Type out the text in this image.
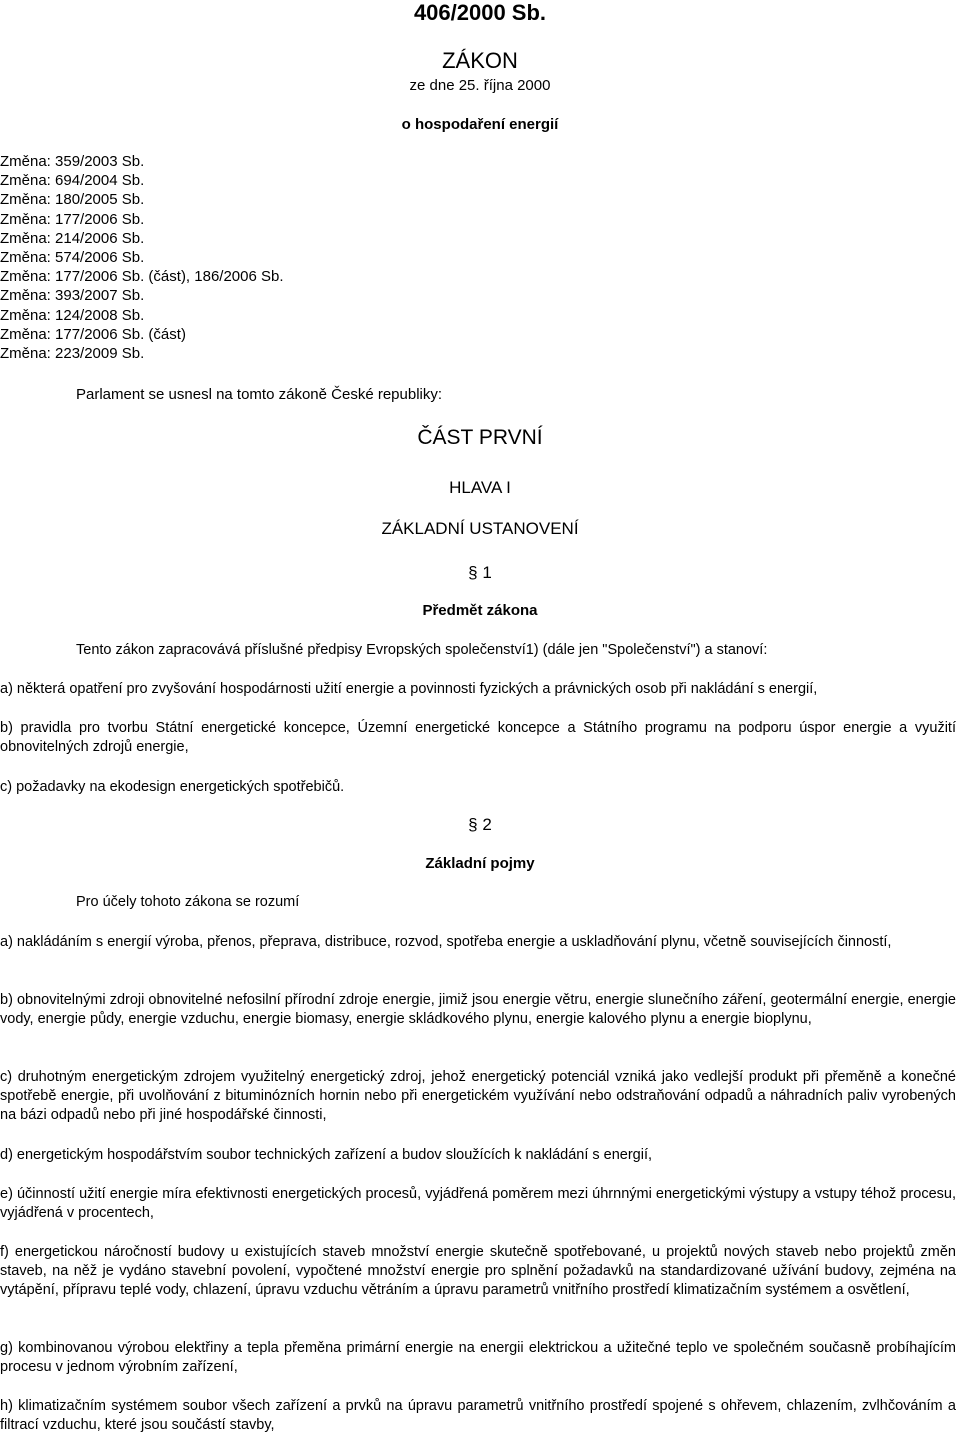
406/2000 Sb.
ZÁKON
ze dne 25. října 2000
o hospodaření energií
Změna: 359/2003 Sb.
Změna: 694/2004 Sb.
Změna: 180/2005 Sb.
Změna: 177/2006 Sb.
Změna: 214/2006 Sb.
Změna: 574/2006 Sb.
Změna: 177/2006 Sb. (část), 186/2006 Sb.
Změna: 393/2007 Sb.
Změna: 124/2008 Sb.
Změna: 177/2006 Sb. (část)
Změna: 223/2009 Sb.
Parlament se usnesl na tomto zákoně České republiky:
ČÁST PRVNÍ
HLAVA I
ZÁKLADNÍ USTANOVENÍ
§ 1
Předmět zákona
Tento zákon zapracovává příslušné předpisy Evropských společenství1) (dále jen "Společenství") a stanoví:
a) některá opatření pro zvyšování hospodárnosti užití energie a povinnosti fyzických a právnických osob při nakládání s energií,
b) pravidla pro tvorbu Státní energetické koncepce, Územní energetické koncepce a Státního programu na podporu úspor energie a využití obnovitelných zdrojů energie,
c) požadavky na ekodesign energetických spotřebičů.
§ 2
Základní pojmy
Pro účely tohoto zákona se rozumí
a) nakládáním s energií výroba, přenos, přeprava, distribuce, rozvod, spotřeba energie a uskladňování plynu, včetně souvisejících činností,
b) obnovitelnými zdroji obnovitelné nefosilní přírodní zdroje energie, jimiž jsou energie větru, energie slunečního záření, geotermální energie, energie vody, energie půdy, energie vzduchu, energie biomasy, energie skládkového plynu, energie kalového plynu a energie bioplynu,
c) druhotným energetickým zdrojem využitelný energetický zdroj, jehož energetický potenciál vzniká jako vedlejší produkt při přeměně a konečné spotřebě energie, při uvolňování z bituminózních hornin nebo při energetickém využívání nebo odstraňování odpadů a náhradních paliv vyrobených na bázi odpadů nebo při jiné hospodářské činnosti,
d) energetickým hospodářstvím soubor technických zařízení a budov sloužících k nakládání s energií,
e) účinností užití energie míra efektivnosti energetických procesů, vyjádřená poměrem mezi úhrnnými energetickými výstupy a vstupy téhož procesu, vyjádřená v procentech,
f) energetickou náročností budovy u existujících staveb množství energie skutečně spotřebované, u projektů nových staveb nebo projektů změn staveb, na něž je vydáno stavební povolení, vypočtené množství energie pro splnění požadavků na standardizované užívání budovy, zejména na vytápění, přípravu teplé vody, chlazení, úpravu vzduchu větráním a úpravu parametrů vnitřního prostředí klimatizačním systémem a osvětlení,
g) kombinovanou výrobou elektřiny a tepla přeměna primární energie na energii elektrickou a užitečné teplo ve společném současně probíhajícím procesu v jednom výrobním zařízení,
h) klimatizačním systémem soubor všech zařízení a prvků na úpravu parametrů vnitřního prostředí spojené s ohřevem, chlazením, zvlhčováním a filtrací vzduchu, které jsou součástí stavby,
